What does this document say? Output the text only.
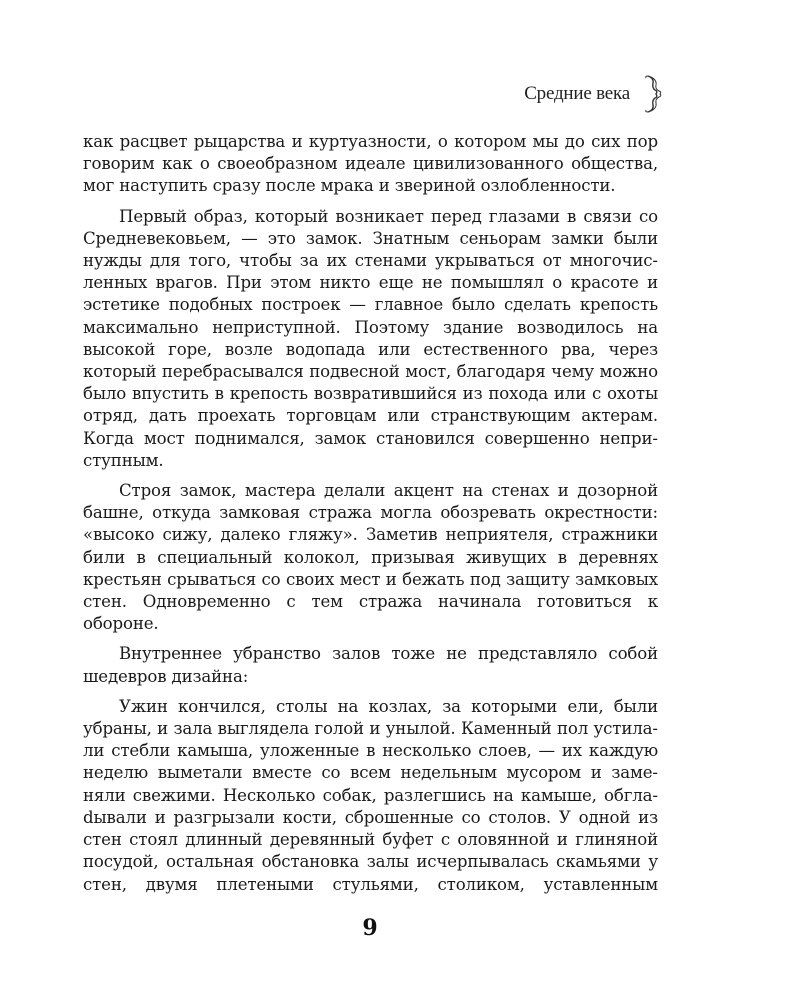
Средние века

как расцвет рыцарства и куртуазности, о котором мы до сих пор говорим как о своеобразном идеале цивилизованного общества, мог наступить сразу после мрака и звериной озлобленности.

Первый образ, который возникает перед глазами в связи со Средневековьем, — это замок. Знатным сеньорам замки были нужды для того, чтобы за их стенами укрываться от многочисленных врагов. При этом никто еще не помышлял о красоте и эстетике подобных построек — главное было сделать крепость максимально неприступной. Поэтому здание возводилось на высокой горе, возле водопада или естественного рва, через который перебрасывался подвесной мост, благодаря чему можно было впустить в крепость возвратившийся из похода или с охоты отряд, дать проехать торговцам или странствующим актерам. Когда мост поднимался, замок становился совершенно неприступным.

Строя замок, мастера делали акцент на стенах и дозорной башне, откуда замковая стража могла обозревать окрестности: «высоко сижу, далеко гляжу». Заметив неприятеля, стражники били в специальный колокол, призывая живущих в деревнях крестьян срываться со своих мест и бежать под защиту замковых стен. Одновременно с тем стража начинала готовиться к обороне.

Внутреннее убранство залов тоже не представляло собой шедевров дизайна:

Ужин кончился, столы на козлах, за которыми ели, были убраны, и зала выглядела голой и унылой. Каменный пол устилали стебли камыша, уложенные в несколько слоев, — их каждую неделю выметали вместе со всем недельным мусором и заменяли свежими. Несколько собак, разлегшись на камыше, обглаdывали и разгрызали кости, сброшенные со столов. У одной из стен стоял длинный деревянный буфет с оловянной и глиняной посудой, остальная обстановка залы исчерпывалась скамьями у стен, двумя плетеными стульями, столиком, уставленным

9
